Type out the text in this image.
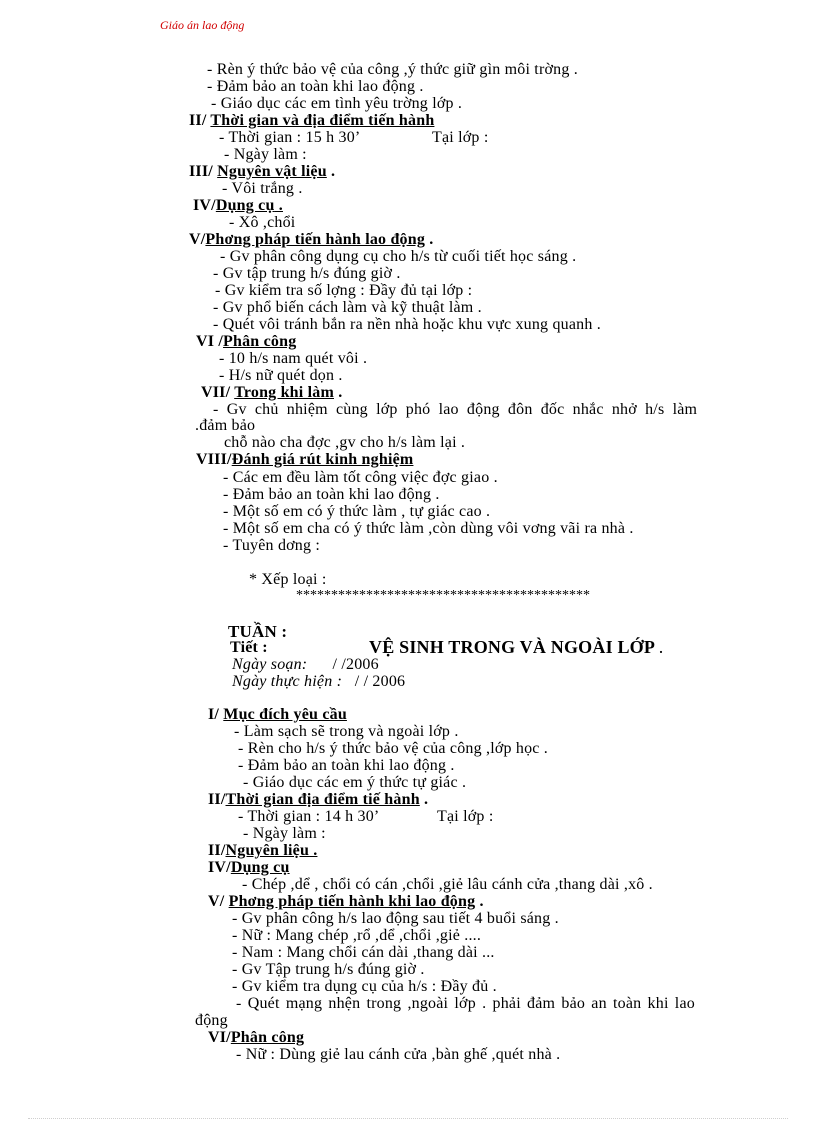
Giáo án lao động
- Rèn ý thức bảo vệ của công ,ý thức giữ gìn môi trờng .
- Đảm bảo an toàn khi lao động .
- Giáo dục các em tình yêu trờng lớp .
II/ Thời gian và địa điểm tiến hành
- Thời gian : 15 h 30’	Tại lớp :
- Ngày làm :
III/ Nguyên vật liệu .
- Vôi trắng .
IV/Dụng cụ .
- Xô ,chổi
V/Phơng pháp tiến hành lao động .
- Gv phân công dụng cụ cho h/s từ cuối tiết học sáng .
- Gv tập trung h/s đúng giờ .
- Gv kiểm tra số lợng : Đầy đủ tại lớp :
- Gv phổ biến cách làm và kỹ thuật làm .
- Quét vôi tránh bắn ra nền nhà hoặc khu vực xung quanh .
VI /Phân công
- 10 h/s nam quét vôi .
- H/s nữ quét dọn .
VII/ Trong khi làm .
- Gv chủ nhiệm cùng lớp phó lao động đôn đốc nhắc nhở h/s làm
.đảm bảo
chỗ nào cha đợc ,gv cho h/s làm lại .
VIII/Đánh giá rút kinh nghiệm
- Các em đều làm tốt công việc đợc giao .
- Đảm bảo an toàn khi lao động .
- Một số em có ý thức làm , tự giác cao .
- Một số em cha có ý thức làm ,còn dùng vôi vơng vãi ra nhà .
- Tuyên dơng :
* Xếp loại :
******************************************
TUẦN :
Tiết :	VỆ SINH TRONG VÀ NGOÀI LỚP .
Ngày soạn: / /2006
Ngày thực hiện : / / 2006
I/ Mục đích yêu cầu
- Làm sạch sẽ trong và ngoài lớp .
- Rèn cho h/s ý thức bảo vệ của công ,lớp học .
- Đảm bảo an toàn khi lao động .
- Giáo dục các em ý thức tự giác .
II/Thời gian địa điểm tiế hành .
- Thời gian : 14 h 30’	Tại lớp :
- Ngày làm :
II/Nguyên liệu .
IV/Dụng cụ
- Chép ,dể , chổi có cán ,chổi ,giẻ lâu cánh cửa ,thang dài ,xô .
V/ Phơng pháp tiến hành khi lao động .
- Gv phân công h/s lao động sau tiết 4 buổi sáng .
- Nữ : Mang chép ,rổ ,dể ,chổi ,giẻ ....
- Nam : Mang chổi cán dài ,thang dài ...
- Gv Tập trung h/s đúng giờ .
- Gv kiểm tra dụng cụ của h/s : Đầy đủ .
- Quét mạng nhện trong ,ngoài lớp . phải đảm bảo an toàn khi lao
động
VI/Phân công
- Nữ : Dùng giẻ lau cánh cửa ,bàn ghế ,quét nhà .
